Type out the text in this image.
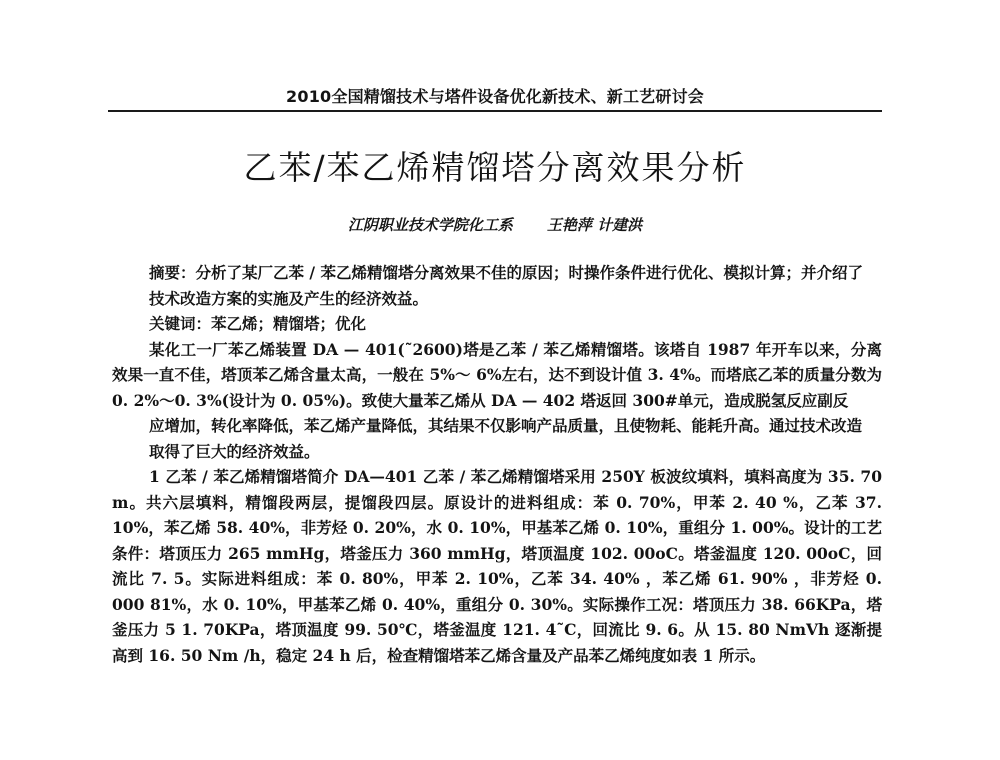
2010全国精馏技术与塔件设备优化新技术、新工艺研讨会
乙苯/苯乙烯精馏塔分离效果分析
江阴职业技术学院化工系 王艳萍 计建洪

摘要：分析了某厂乙苯 / 苯乙烯精馏塔分离效果不佳的原因；时操作条件进行优化、模拟计算；并介绍了

技术改造方案的实施及产生的经济效益。

关键词：苯乙烯；精馏塔；优化

某化工一厂苯乙烯装置 DA — 401(˜2600)塔是乙苯 / 苯乙烯精馏塔。该塔自 1987 年开车以来，分离效果一直不佳，塔顶苯乙烯含量太高，一般在 5%～ 6%左右，达不到设计值 3. 4%。而塔底乙苯的质量分数为 0. 2%～0. 3%(设计为 0. 05%)。致使大量苯乙烯从 DA — 402 塔返回 300#单元，造成脱氢反应副反

应增加，转化率降低，苯乙烯产量降低，其结果不仅影响产品质量，且使物耗、能耗升高。通过技术改造

取得了巨大的经济效益。

1 乙苯 / 苯乙烯精馏塔简介 DA—401 乙苯 / 苯乙烯精馏塔采用 250Y 板波纹填料，填料高度为 35. 70 m。共六层填料，精馏段两层，提馏段四层。原设计的进料组成：苯 0. 70%，甲苯 2. 40 %，乙苯 37. 10%，苯乙烯 58. 40%，非芳烃 0. 20%，水 0. 10%，甲基苯乙烯 0. 10%，重组分 1. 00%。设计的工艺条件：塔顶压力 265 mmHg，塔釜压力 360 mmHg，塔顶温度 102. 00oC。塔釜温度 120. 00oC，回流比 7. 5。实际进料组成：苯 0. 80%，甲苯 2. 10%，乙苯 34. 40% ，苯乙烯 61. 90% ，非芳烃 0. 000 81%，水 0. 10%，甲基苯乙烯 0. 40%，重组分 0. 30%。实际操作工况：塔顶压力 38. 66KPa，塔釜压力 5 1. 70KPa，塔顶温度 99. 50℃，塔釜温度 121. 4˜C，回流比 9. 6。从 15. 80 NmVh 逐渐提高到 16. 50 Nm /h，稳定 24 h 后，检查精馏塔苯乙烯含量及产品苯乙烯纯度如表 1 所示。
